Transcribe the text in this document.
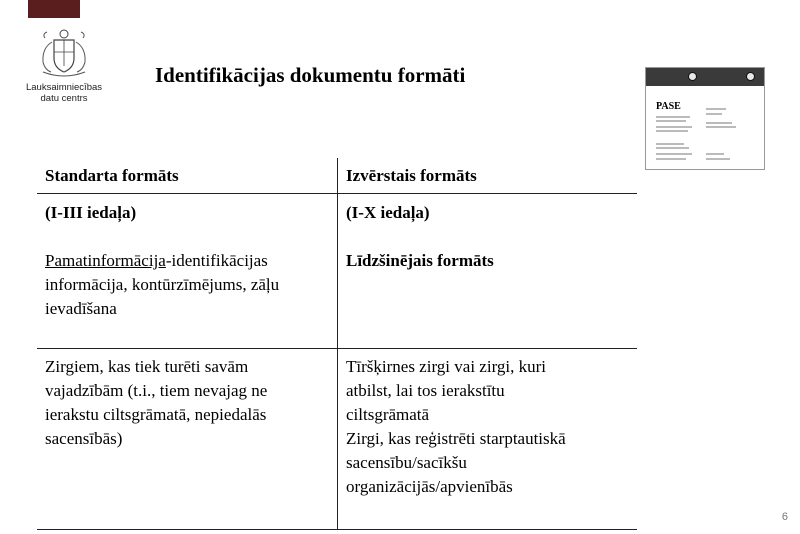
Lauksaimniecības
datu centrs
Identifikācijas dokumentu formāti
PASE
Standarta formāts	Izvērstais formāts
(I-III iedaļa)
Pamatinformācija-identifikācijas
informācija, kontūrzīmējums, zāļu
ievadīšana
(I-X iedaļa)
Līdzšinējais formāts
Zirgiem, kas tiek turēti savām
vajadzībām (t.i., tiem nevajag ne
ierakstu ciltsgrāmatā, nepiedalās
sacensībās)
Tīršķirnes zirgi vai zirgi, kuri
atbilst, lai tos ierakstītu
ciltsgrāmatā
Zirgi, kas reģistrēti starptautiskā
sacensību/sacīkšu
organizācijās/apvienībās
6
